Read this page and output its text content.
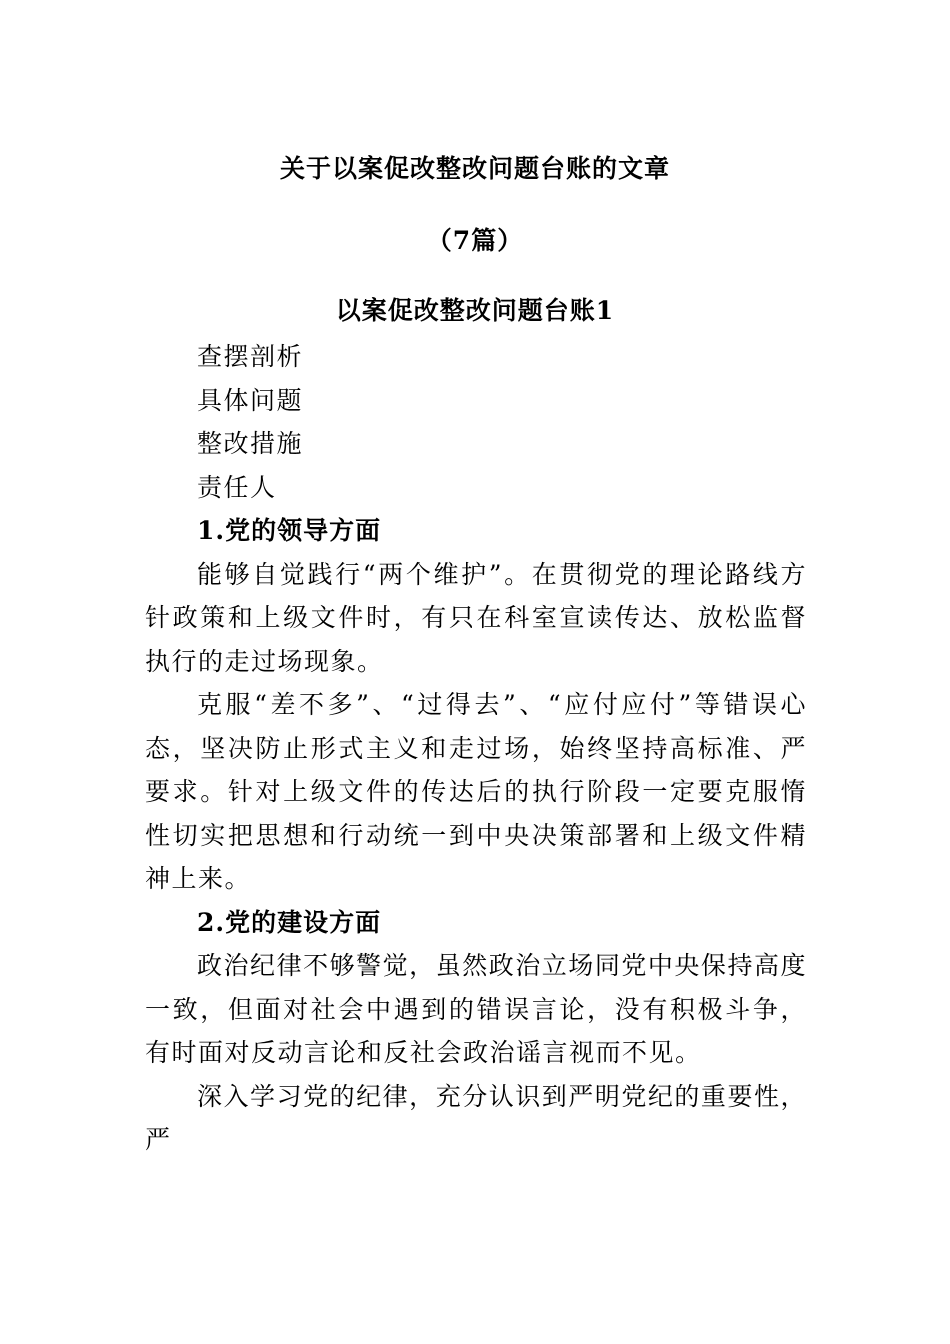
关于以案促改整改问题台账的文章
（7篇）
以案促改整改问题台账1

查摆剖析

具体问题

整改措施

责任人

1.党的领导方面

能够自觉践行“两个维护”。在贯彻党的理论路线方针政策和上级文件时，有只在科室宣读传达、放松监督执行的走过场现象。

克服“差不多”、“过得去”、“应付应付”等错误心态，坚决防止形式主义和走过场，始终坚持高标准、严要求。针对上级文件的传达后的执行阶段一定要克服惰性切实把思想和行动统一到中央决策部署和上级文件精神上来。

2.党的建设方面

政治纪律不够警觉，虽然政治立场同党中央保持高度一致，但面对社会中遇到的错误言论，没有积极斗争，有时面对反动言论和反社会政治谣言视而不见。

深入学习党的纪律，充分认识到严明党纪的重要性，严
